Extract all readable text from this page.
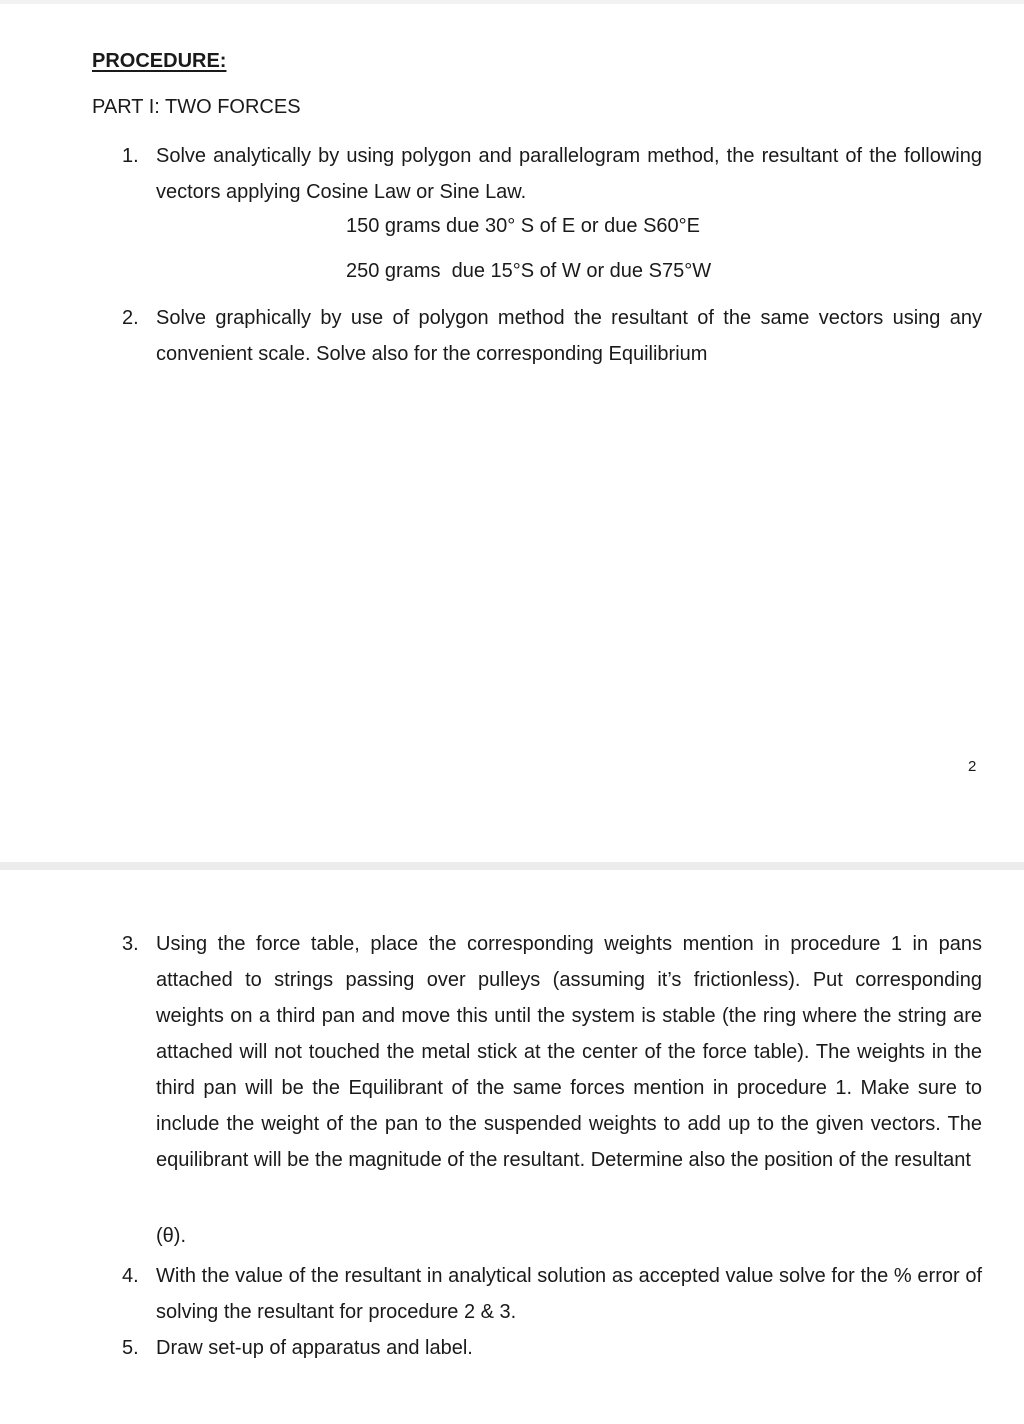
PROCEDURE:

PART I: TWO FORCES

1. Solve analytically by using polygon and parallelogram method, the resultant of the following vectors applying Cosine Law or Sine Law.

150 grams due 30° S of E or due S60°E
250 grams  due 15°S of W or due S75°W
2. Solve graphically by use of polygon method the resultant of the same vectors using any convenient scale. Solve also for the corresponding Equilibrium

2
3. Using the force table, place the corresponding weights mention in procedure 1 in pans attached to strings passing over pulleys (assuming it’s frictionless). Put corresponding weights on a third pan and move this until the system is stable (the ring where the string are attached will not touched the metal stick at the center of the force table). The weights in the third pan will be the Equilibrant of the same forces mention in procedure 1. Make sure to include the weight of the pan to the suspended weights to add up to the given vectors. The equilibrant will be the magnitude of the resultant. Determine also the position of the resultant

(θ).
4. With the value of the resultant in analytical solution as accepted value solve for the % error of solving the resultant for procedure 2 & 3.

5. Draw set-up of apparatus and label.
